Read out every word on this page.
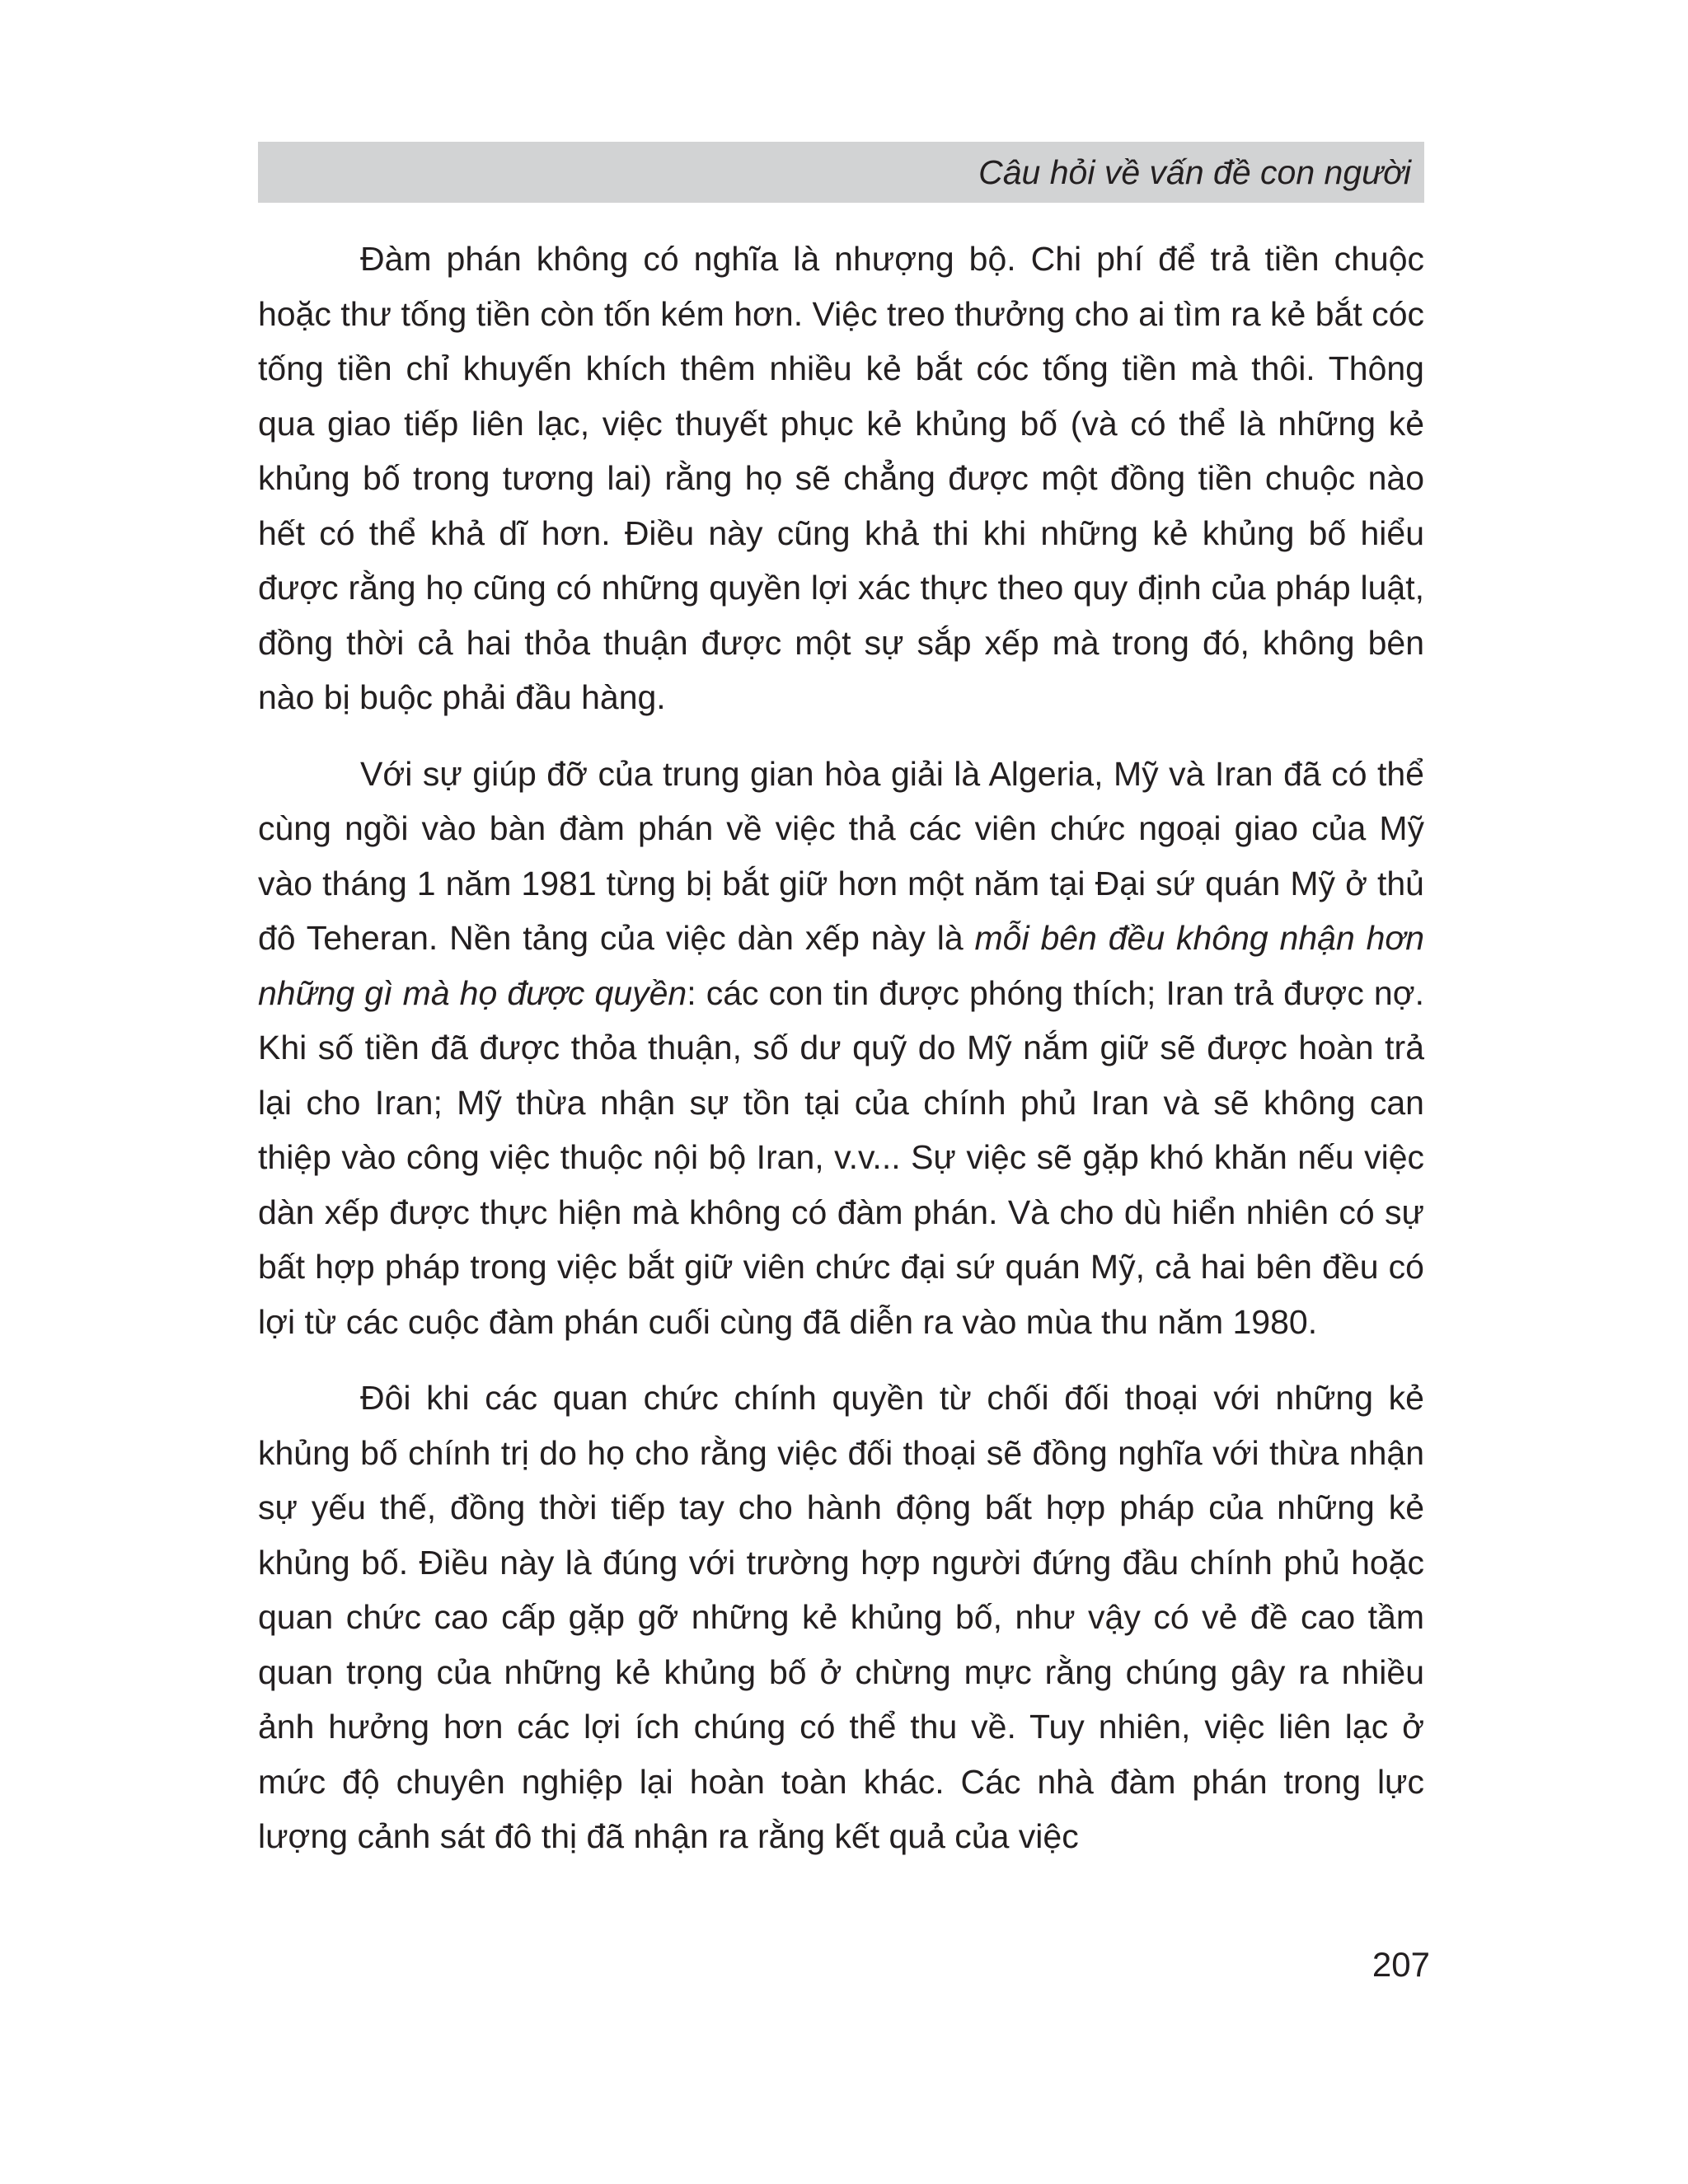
Câu hỏi về vấn đề con người

Đàm phán không có nghĩa là nhượng bộ. Chi phí để trả tiền chuộc hoặc thư tống tiền còn tốn kém hơn. Việc treo thưởng cho ai tìm ra kẻ bắt cóc tống tiền chỉ khuyến khích thêm nhiều kẻ bắt cóc tống tiền mà thôi. Thông qua giao tiếp liên lạc, việc thuyết phục kẻ khủng bố (và có thể là những kẻ khủng bố trong tương lai) rằng họ sẽ chẳng được một đồng tiền chuộc nào hết có thể khả dĩ hơn. Điều này cũng khả thi khi những kẻ khủng bố hiểu được rằng họ cũng có những quyền lợi xác thực theo quy định của pháp luật, đồng thời cả hai thỏa thuận được một sự sắp xếp mà trong đó, không bên nào bị buộc phải đầu hàng.

Với sự giúp đỡ của trung gian hòa giải là Algeria, Mỹ và Iran đã có thể cùng ngồi vào bàn đàm phán về việc thả các viên chức ngoại giao của Mỹ vào tháng 1 năm 1981 từng bị bắt giữ hơn một năm tại Đại sứ quán Mỹ ở thủ đô Teheran. Nền tảng của việc dàn xếp này là mỗi bên đều không nhận hơn những gì mà họ được quyền: các con tin được phóng thích; Iran trả được nợ. Khi số tiền đã được thỏa thuận, số dư quỹ do Mỹ nắm giữ sẽ được hoàn trả lại cho Iran; Mỹ thừa nhận sự tồn tại của chính phủ Iran và sẽ không can thiệp vào công việc thuộc nội bộ Iran, v.v... Sự việc sẽ gặp khó khăn nếu việc dàn xếp được thực hiện mà không có đàm phán. Và cho dù hiển nhiên có sự bất hợp pháp trong việc bắt giữ viên chức đại sứ quán Mỹ, cả hai bên đều có lợi từ các cuộc đàm phán cuối cùng đã diễn ra vào mùa thu năm 1980.

Đôi khi các quan chức chính quyền từ chối đối thoại với những kẻ khủng bố chính trị do họ cho rằng việc đối thoại sẽ đồng nghĩa với thừa nhận sự yếu thế, đồng thời tiếp tay cho hành động bất hợp pháp của những kẻ khủng bố. Điều này là đúng với trường hợp người đứng đầu chính phủ hoặc quan chức cao cấp gặp gỡ những kẻ khủng bố, như vậy có vẻ đề cao tầm quan trọng của những kẻ khủng bố ở chừng mực rằng chúng gây ra nhiều ảnh hưởng hơn các lợi ích chúng có thể thu về. Tuy nhiên, việc liên lạc ở mức độ chuyên nghiệp lại hoàn toàn khác. Các nhà đàm phán trong lực lượng cảnh sát đô thị đã nhận ra rằng kết quả của việc

207
